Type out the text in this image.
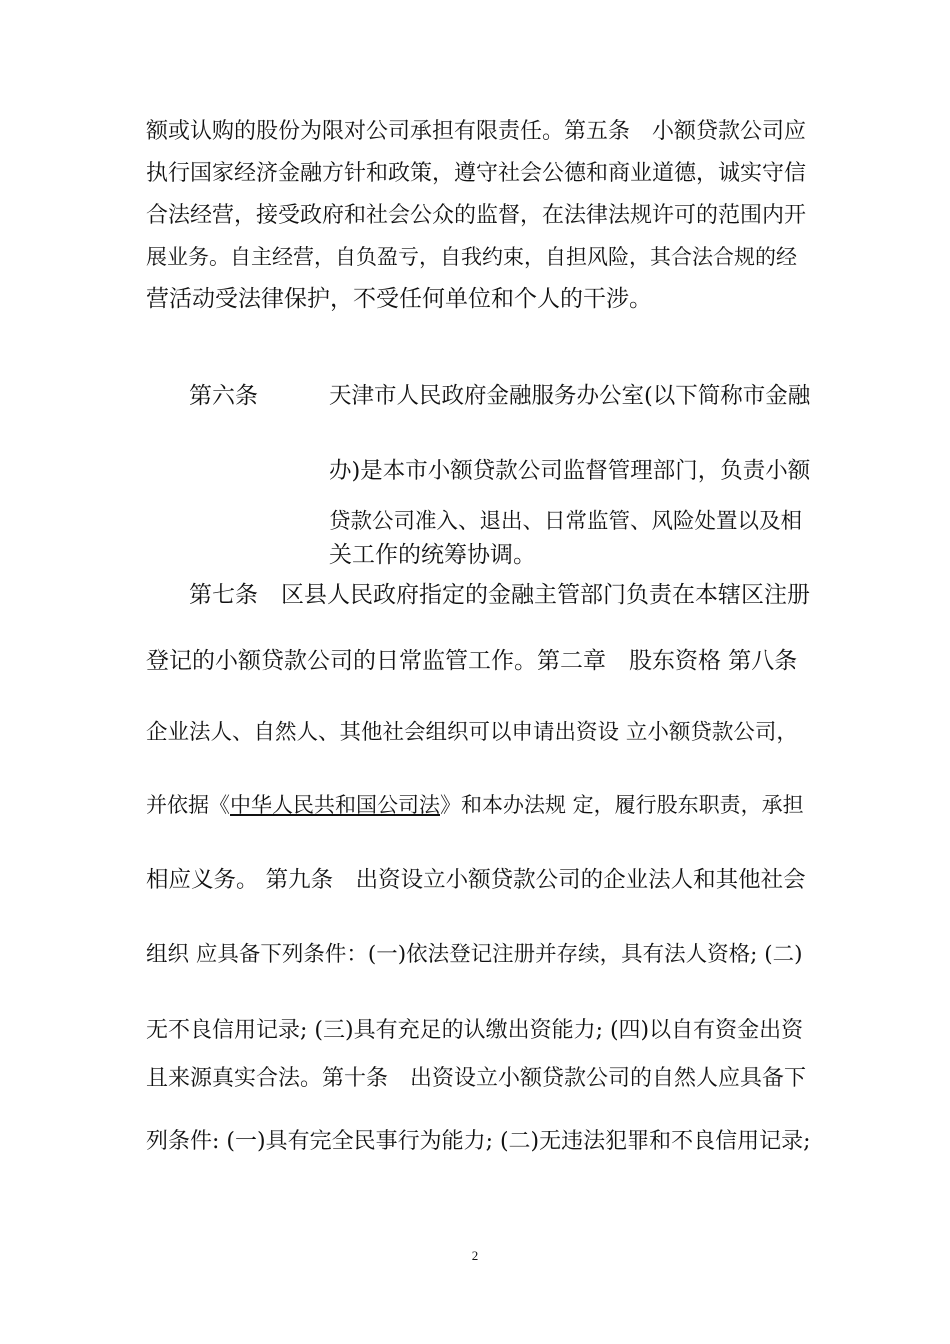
额或认购的股份为限对公司承担有限责任。第五条　小额贷款公司应
执行国家经济金融方针和政策，遵守社会公德和商业道德，诚实守信
合法经营，接受政府和社会公众的监督，在法律法规许可的范围内开
展业务。自主经营，自负盈亏，自我约束，自担风险，其合法合规的经
营活动受法律保护，不受任何单位和个人的干涉。
第六条	天津市人民政府金融服务办公室(以下简称市金融
办)是本市小额贷款公司监督管理部门，负责小额
贷款公司准入、退出、日常监管、风险处置以及相
关工作的统筹协调。
第七条　区县人民政府指定的金融主管部门负责在本辖区注册
登记的小额贷款公司的日常监管工作。第二章　股东资格 第八条
企业法人、自然人、其他社会组织可以申请出资设 立小额贷款公司，
并依据《中华人民共和国公司法》和本办法规 定，履行股东职责，承担
相应义务。 第九条　出资设立小额贷款公司的企业法人和其他社会
组织 应具备下列条件：(一)依法登记注册并存续，具有法人资格; (二)
无不良信用记录; (三)具有充足的认缴出资能力; (四)以自有资金出资
且来源真实合法。第十条　出资设立小额贷款公司的自然人应具备下
列条件: (一)具有完全民事行为能力; (二)无违法犯罪和不良信用记录;
2
